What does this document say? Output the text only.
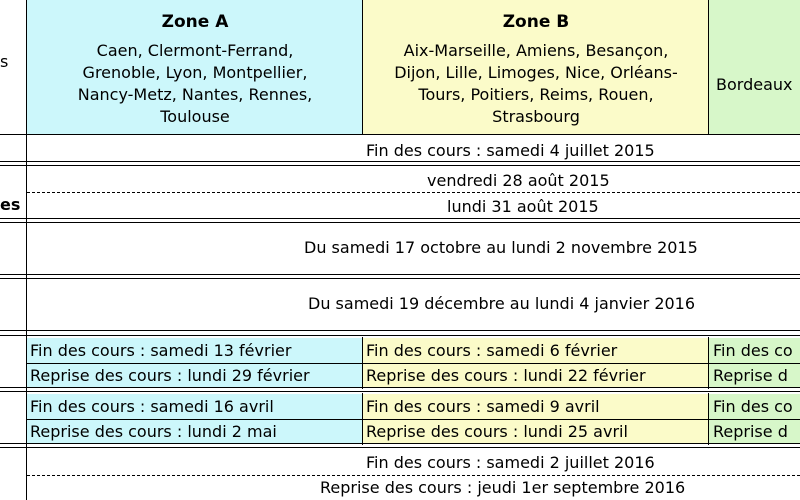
s
Zone A
Caen, Clermont-Ferrand,
Grenoble, Lyon, Montpellier,
Nancy-Metz, Nantes, Rennes,
Toulouse
Zone B
Aix-Marseille, Amiens, Besançon,
Dijon, Lille, Limoges, Nice, Orléans-
Tours, Poitiers, Reims, Rouen,
Strasbourg
Bordeaux
Fin des cours : samedi 4 juillet 2015
vendredi 28 août 2015
es	lundi 31 août 2015
Du samedi 17 octobre au lundi 2 novembre 2015
Du samedi 19 décembre au lundi 4 janvier 2016
Fin des cours : samedi 13 février
Reprise des cours : lundi 29 février
Fin des cours : samedi 6 février
Reprise des cours : lundi 22 février
Fin des co
Reprise d
Fin des cours : samedi 16 avril
Reprise des cours : lundi 2 mai
Fin des cours : samedi 9 avril
Reprise des cours : lundi 25 avril
Fin des co
Reprise d
Fin des cours : samedi 2 juillet 2016
Reprise des cours : jeudi 1er septembre 2016
